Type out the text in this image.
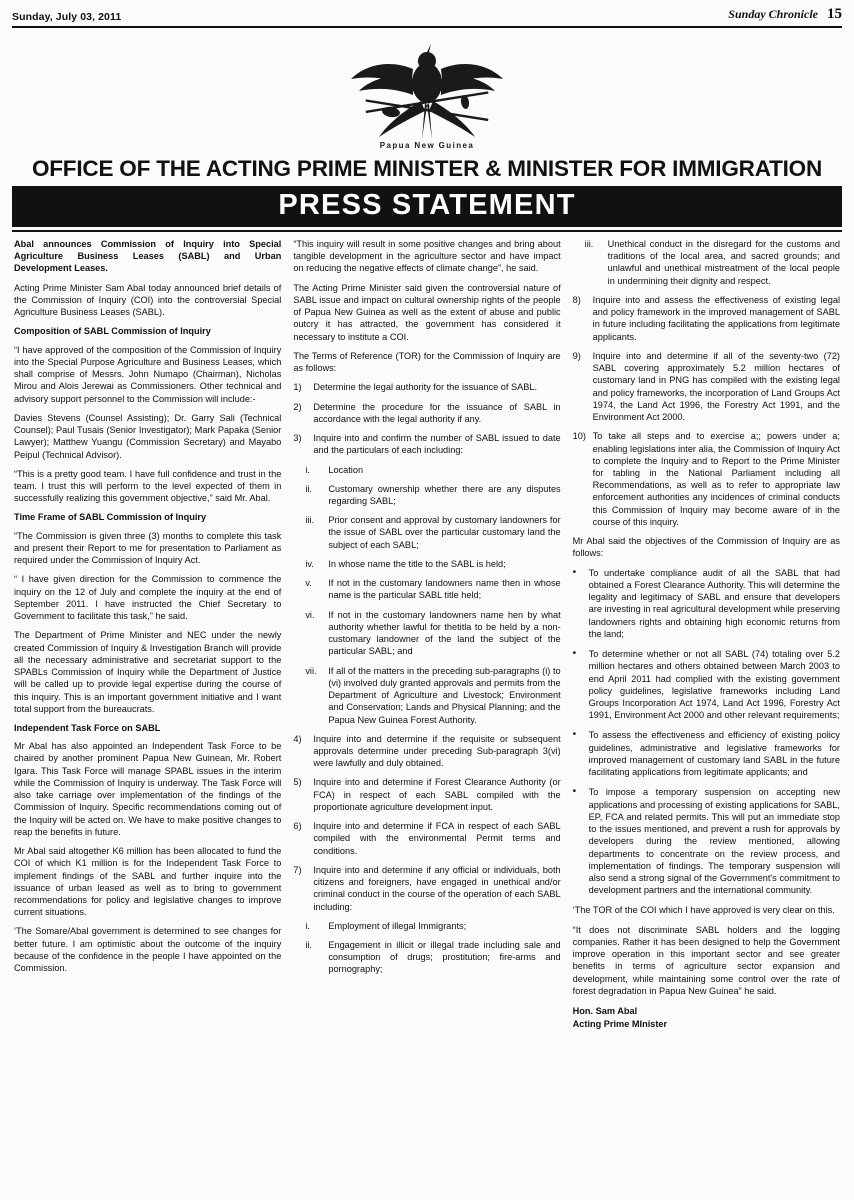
Sunday, July 03, 2011	Sunday Chronicle 15
Papua New Guinea
OFFICE OF THE ACTING PRIME MINISTER & MINISTER FOR IMMIGRATION
PRESS STATEMENT
Abal announces Commission of Inquiry into Special Agriculture Business Leases (SABL) and Urban Development Leases.

Acting Prime Minister Sam Abal today announced brief details of the Commission of Inquiry (COI) into the controversial Special Agriculture Business Leases (SABL).

Composition of SABL Commission of Inquiry

“I have approved of the composition of the Commission of Inquiry into the Special Purpose Agriculture and Business Leases, which shall comprise of Messrs. John Numapo (Chairman), Nicholas Mirou and Alois Jerewai as Commissioners. Other technical and advisory support personnel to the Commission will include:-

Davies Stevens (Counsel Assisting); Dr. Garry Sali (Technical Counsel); Paul Tusais (Senior Investigator); Mark Papaka (Senior Lawyer); Matthew Yuangu (Commission Secretary) and Mayabo Peipul (Technical Advisor).

“This is a pretty good team. I have full confidence and trust in the team. I trust this will perform to the level expected of them in successfully realizing this government objective,” said Mr. Abal.

Time Frame of SABL Commission of Inquiry

“The Commission is given three (3) months to complete this task and present their Report to me for presentation to Parliament as required under the Commission of Inquiry Act.

“ I have given direction for the Commission to commence the inquiry on the 12 of July and complete the inquiry at the end of September 2011. I have instructed the Chief Secretary to Government to facilitate this task,” he said.

The Department of Prime Minister and NEC under the newly created Commission of Inquiry & Investigation Branch will provide all the necessary administrative and secretariat support to the SPABLs Commission of Inquiry while the Department of Justice will be called up to provide legal expertise during the course of this inquiry. This is an important government initiative and I want total support from the bureaucrats.

Independent Task Force on SABL

Mr Abal has also appointed an Independent Task Force to be chaired by another prominent Papua New Guinean, Mr. Robert Igara. This Task Force will manage SPABL issues in the interim while the Commission of Inquiry is underway. The Task Force will also take carriage over implementation of the findings of the Commission of Inquiry. Specific recommendations coming out of the Inquiry will be acted on. We have to make positive changes to reap the benefits in future.

Mr Abal said altogether K6 million has been allocated to fund the COI of which K1 million is for the Independent Task Force to implement findings of the SABL and further inquire into the issuance of urban leased as well as to bring to government recommendations for policy and legislative changes to improve current situations.

‘The Somare/Abal government is determined to see changes for better future. I am optimistic about the outcome of the inquiry because of the confidence in the people I have appointed on the Commission.

“This inquiry will result in some positive changes and bring about tangible development in the agriculture sector and have impact on reducing the negative effects of climate change”, he said.

The Acting Prime Minister said given the controversial nature of SABL issue and impact on cultural ownership rights of the people of Papua New Guinea as well as the extent of abuse and public outcry it has attracted, the government has considered it necessary to institute a COI.

The Terms of Reference (TOR) for the Commission of Inquiry are as follows:

1)	Determine the legal authority for the issuance of SABL.
2)	Determine the procedure for the issuance of SABL in accordance with the legal authority if any.
3)	Inquire into and confirm the number of SABL issued to date and the particulars of each including:
i.	Location
ii.	Customary ownership whether there are any disputes regarding SABL;
iii.	Prior consent and approval by customary landowners for the issue of SABL over the particular customary land the subject of each SABL;
iv.	In whose name the title to the SABL is held;
v.	If not in the customary landowners name then in whose name is the particular SABL title held;
vi.	If not in the customary landowners name hen by what authority whether lawful for thetitla to be held by a non-customary landowner of the land the subject of the particular SABL; and
vii.	If all of the matters in the preceding sub-paragraphs (i) to (vi) involved duly granted approvals and permits from the Department of Agriculture and Livestock; Environment and Conservation; Lands and Physical Planning; and the Papua New Guinea Forest Authority.
4)	Inquire into and determine if the requisite or subsequent approvals determine under preceding Sub-paragraph 3(vi) were lawfully and duly obtained.
5)	Inquire into and determine if Forest Clearance Authority (or FCA) in respect of each SABL compiled with the proportionate agriculture development input.
6)	Inquire into and determine if FCA in respect of each SABL compiled with the environmental Permit terms and conditions.
7)	Inquire into and determine if any official or individuals, both citizens and foreigners, have engaged in unethical and/or criminal conduct in the course of the operation of each SABL including:
i.	Employment of illegal Immigrants;
ii.	Engagement in illicit or illegal trade including sale and consumption of drugs; prostitution; fire-arms and pornography;
iii.	Unethical conduct in the disregard for the customs and traditions of the local area, and sacred grounds; and unlawful and unethical mistreatment of the local people in undermining their dignity and respect.
8)	Inquire into and assess the effectiveness of existing legal and policy framework in the improved management of SABL in future including facilitating the applications from legitimate applicants.
9)	Inquire into and determine if all of the seventy-two (72) SABL covering approximately 5.2 million hectares of customary land in PNG has compiled with the existing legal and policy frameworks, the incorporation of Land Groups Act 1974, the Land Act 1996, the Forestry Act 1991, and the Environment Act 2000.
10) To take all steps and to exercise a;; powers under a; enabling legislations inter alia, the Commission of Inquiry Act to complete the Inquiry and to Report to the Prime Minister for tabling in the National Parliament including all Recommendations, as well as to refer to appropriate law enforcement authorities any incidences of criminal conducts this Commission of Inquiry may become aware of in the course of this inquiry.

Mr Abal said the objectives of the Commission of Inquiry are as follows:

•	To undertake compliance audit of all the SABL that had obtained a Forest Clearance Authority. This will determine the legality and legitimacy of SABL and ensure that developers are investing in real agricultural development while preserving landowners rights and obtaining high economic returns from the land;
•	To determine whether or not all SABL (74) totaling over 5.2 million hectares and others obtained between March 2003 to end April 2011 had complied with the existing government policy guidelines, legislative frameworks including Land Groups Incorporation Act 1974, Land Act 1996, Forestry Act 1991, Environment Act 2000 and other relevant requirements;
•	To assess the effectiveness and efficiency of existing policy guidelines, administrative and legislative frameworks for improved management of customary land SABL in the future facilitating applications from legitimate applicants; and
•	To impose a temporary suspension on accepting new applications and processing of existing applications for SABL, EP, FCA and related permits. This will put an immediate stop to the issues mentioned, and prevent a rush for approvals by developers during the review mentioned, allowing departments to concentrate on the review process, and implementation of findings. The temporary suspension will also send a strong signal of the Government's commitment to development partners and the international community.

‘The TOR of the COI which I have approved is very clear on this.

“It does not discriminate SABL holders and the logging companies. Rather it has been designed to help the Government improve operation in this important sector and see greater benefits in terms of agriculture sector expansion and development, while maintaining some control over the rate of forest degradation in Papua New Guinea” he said.

Hon. Sam Abal
Acting Prime MInister
